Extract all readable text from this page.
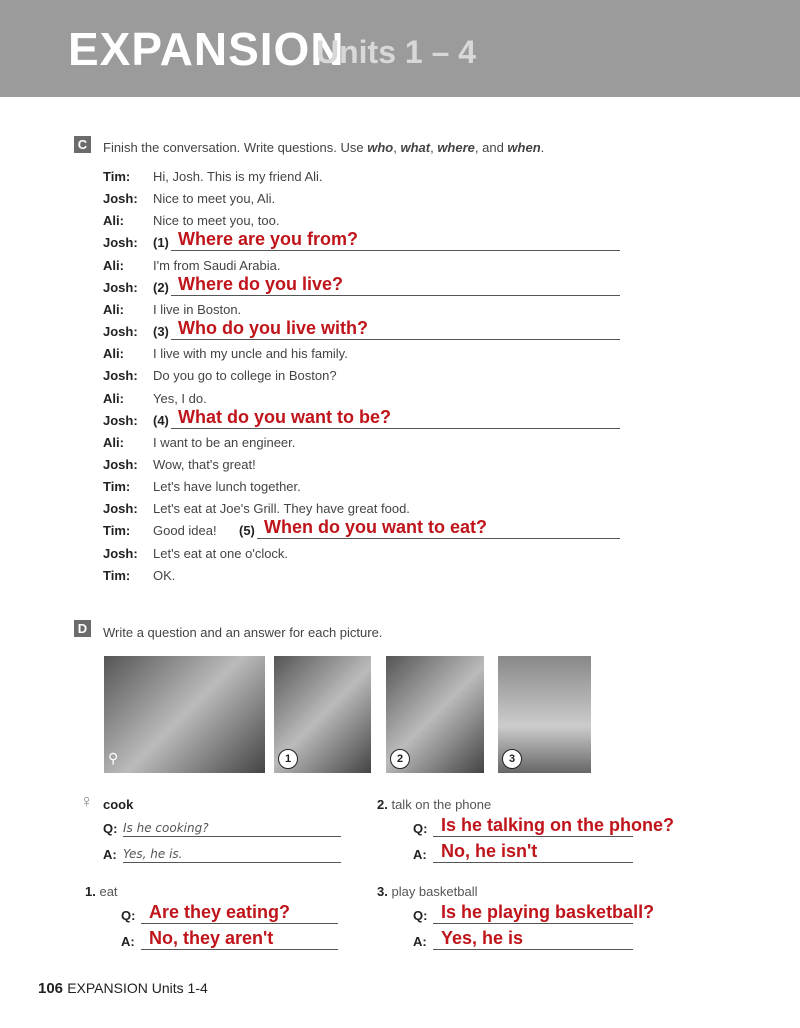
EXPANSION
Units 1 – 4
C Finish the conversation. Write questions. Use who, what, where, and when.
Tim: Hi, Josh. This is my friend Ali.
Josh: Nice to meet you, Ali.
Ali: Nice to meet you, too.
Josh: (1) Where are you from?
Ali: I'm from Saudi Arabia.
Josh: (2) Where do you live?
Ali: I live in Boston.
Josh: (3) Who do you live with?
Ali: I live with my uncle and his family.
Josh: Do you go to college in Boston?
Ali: Yes, I do.
Josh: (4) What do you want to be?
Ali: I want to be an engineer.
Josh: Wow, that's great!
Tim: Let's have lunch together.
Josh: Let's eat at Joe's Grill. They have great food.
Tim: Good idea! (5) When do you want to eat?
Josh: Let's eat at one o'clock.
Tim: OK.
D Write a question and an answer for each picture.
⚲	1	2	3
♀ cook
Q: Is he cooking?
A: Yes, he is.
1. eat
Q: Are they eating?
A: No, they aren't
2. talk on the phone
Q: Is he talking on the phone?
A: No, he isn't
3. play basketball
Q: Is he playing basketball?
A: Yes, he is
106 EXPANSION Units 1-4
